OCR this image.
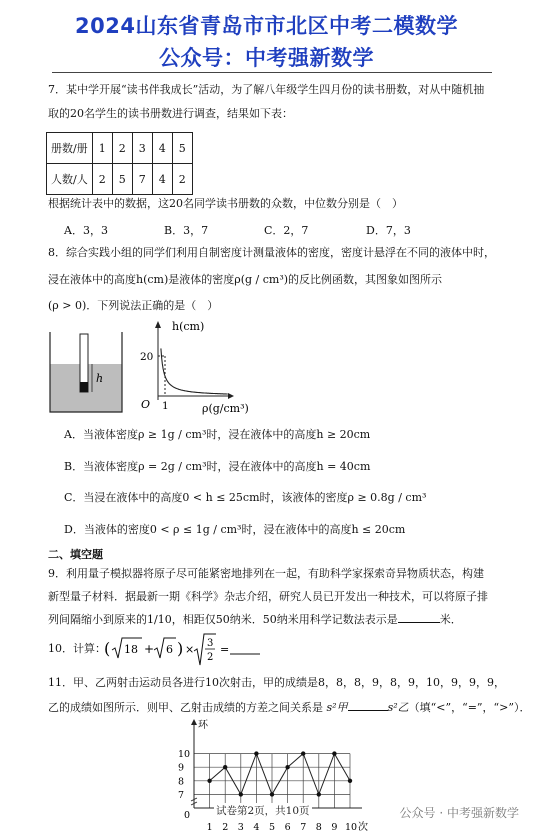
2024山东省青岛市市北区中考二模数学
公众号：中考强新数学
7．某中学开展“读书伴我成长”活动，为了解八年级学生四月份的读书册数，对从中随机抽
取的20名学生的读书册数进行调查，结果如下表：
册数/册	1	2	3	4	5
人数/人	2	5	7	4	2
根据统计表中的数据，这20名同学读书册数的众数，中位数分别是（　）
A．3，3	B．3，7	C．2，7	D．7，3
8．综合实践小组的同学们利用自制密度计测量液体的密度，密度计悬浮在不同的液体中时，
浸在液体中的高度h(cm)是液体的密度ρ(g / cm³)的反比例函数，其图象如图所示
(ρ > 0)．下列说法正确的是（　）
h
h(cm)
20
O 1	ρ(g/cm³)
A．当液体密度ρ ≥ 1g / cm³时，浸在液体中的高度h ≥ 20cm
B．当液体密度ρ = 2g / cm³时，浸在液体中的高度h = 40cm
C．当浸在液体中的高度0 < h ≤ 25cm时，该液体的密度ρ ≥ 0.8g / cm³
D．当液体的密度0 < ρ ≤ 1g / cm³时，浸在液体中的高度h ≤ 20cm
二、填空题
9．利用量子模拟器将原子尽可能紧密地排列在一起，有助科学家探索奇异物质状态，构建
新型量子材料．据最新一期《科学》杂志介绍，研究人员已开发出一种技术，可以将原子排
列间隔缩小到原来的1/10，相距仅50纳米．50纳米用科学记数法表示是	米．
10．计算：
( 18 + 6 ) × 3
2
=
11．甲、乙两射击运动员各进行10次射击，甲的成绩是8，8，8，9，8，9，10，9，9，9，
乙的成绩如图所示．则甲、乙射击成绩的方差之间关系是 s²甲	s²乙（填“<”，“=”，“>”）．
7
8
9
10
1 2 3 4 5 6 7 8 9 10
环
次
0 试卷第2页，共10页	公众号 · 中考强新数学
